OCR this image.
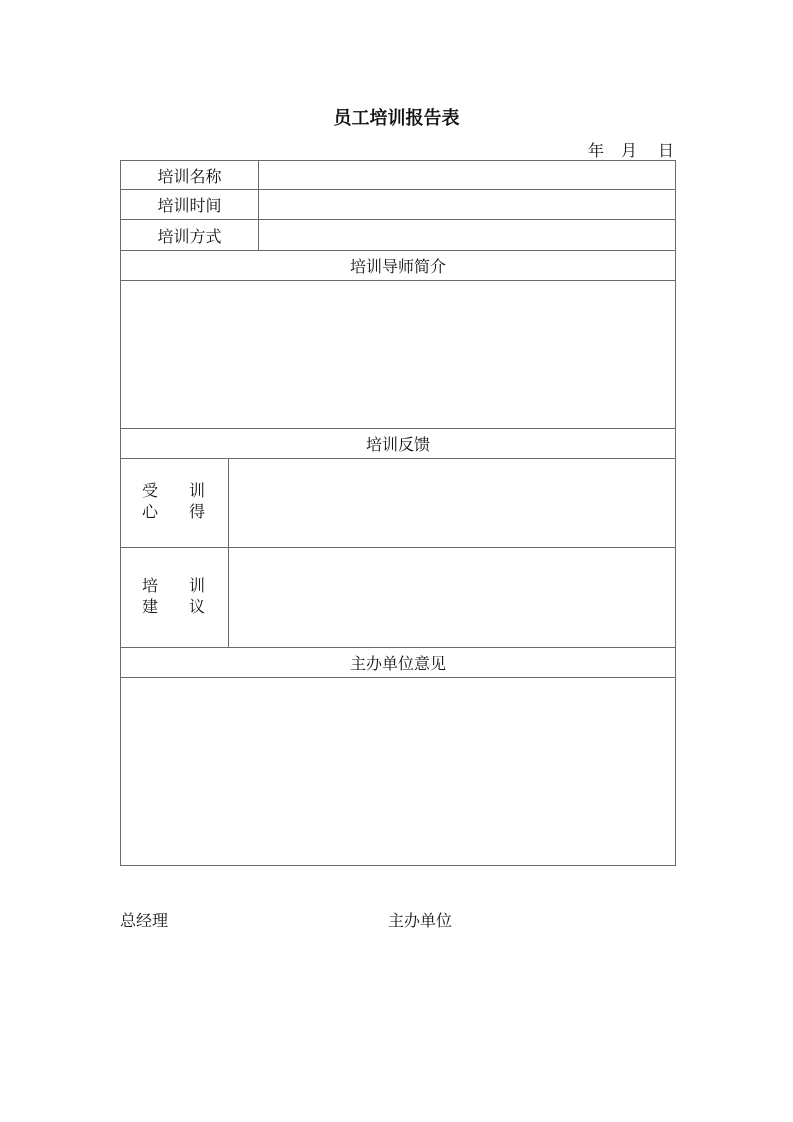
员工培训报告表
年 月 日
培训名称		
培训时间		
培训方式		
培训导师简介		

培训反馈		

受 训
心 得		

培 训
建 议		

主办单位意见		

总经理	主办单位
